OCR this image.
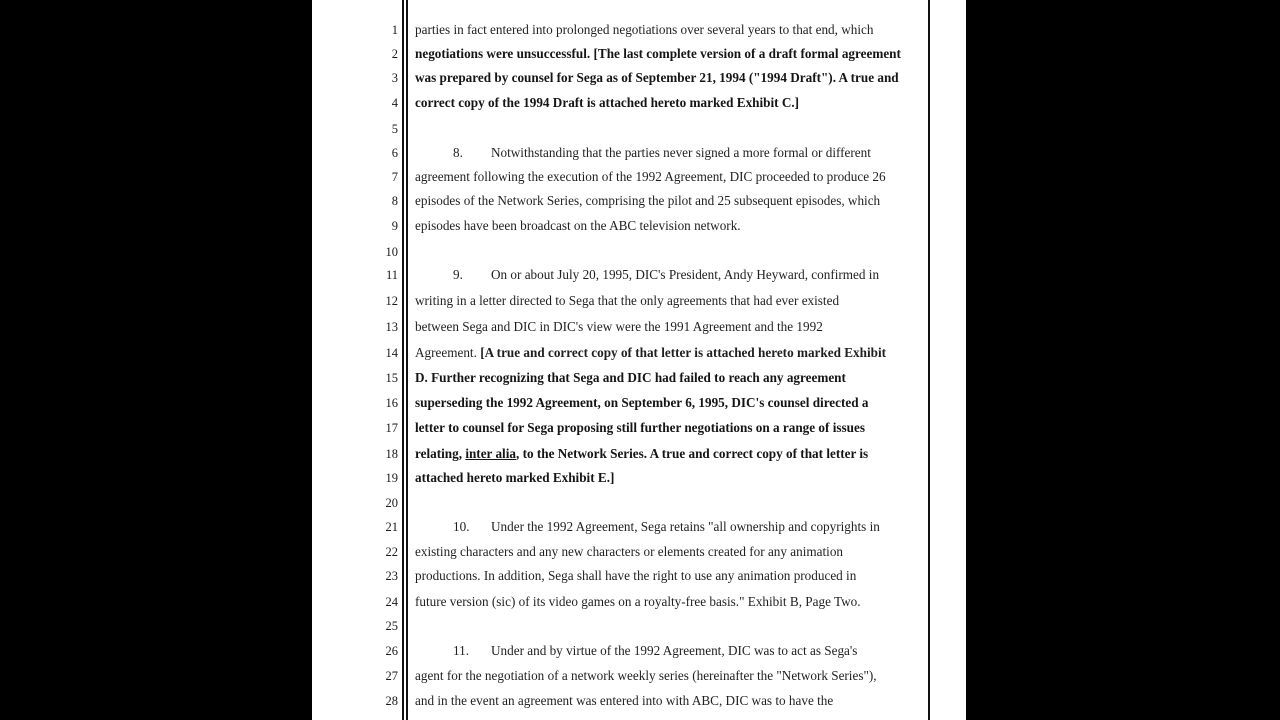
1 parties in fact entered into prolonged negotiations over several years to that end, which
2 negotiations were unsuccessful. [The last complete version of a draft formal agreement
3 was prepared by counsel for Sega as of September 21, 1994 ("1994 Draft"). A true and
4 correct copy of the 1994 Draft is attached hereto marked Exhibit C.]
5
6	8. Notwithstanding that the parties never signed a more formal or different
7 agreement following the execution of the 1992 Agreement, DIC proceeded to produce 26
8 episodes of the Network Series, comprising the pilot and 25 subsequent episodes, which
9 episodes have been broadcast on the ABC television network.
10
11	9. On or about July 20, 1995, DIC's President, Andy Heyward, confirmed in
12 writing in a letter directed to Sega that the only agreements that had ever existed
13 between Sega and DIC in DIC's view were the 1991 Agreement and the 1992
14 Agreement. [A true and correct copy of that letter is attached hereto marked Exhibit
15 D. Further recognizing that Sega and DIC had failed to reach any agreement
16 superseding the 1992 Agreement, on September 6, 1995, DIC's counsel directed a
17 letter to counsel for Sega proposing still further negotiations on a range of issues
18 relating, inter alia, to the Network Series. A true and correct copy of that letter is
19 attached hereto marked Exhibit E.]
20
21	10. Under the 1992 Agreement, Sega retains "all ownership and copyrights in
22 existing characters and any new characters or elements created for any animation
23 productions. In addition, Sega shall have the right to use any animation produced in
24 future version (sic) of its video games on a royalty-free basis." Exhibit B, Page Two.
25
26	11. Under and by virtue of the 1992 Agreement, DIC was to act as Sega's
27 agent for the negotiation of a network weekly series (hereinafter the "Network Series"),
28 and in the event an agreement was entered into with ABC, DIC was to have the
